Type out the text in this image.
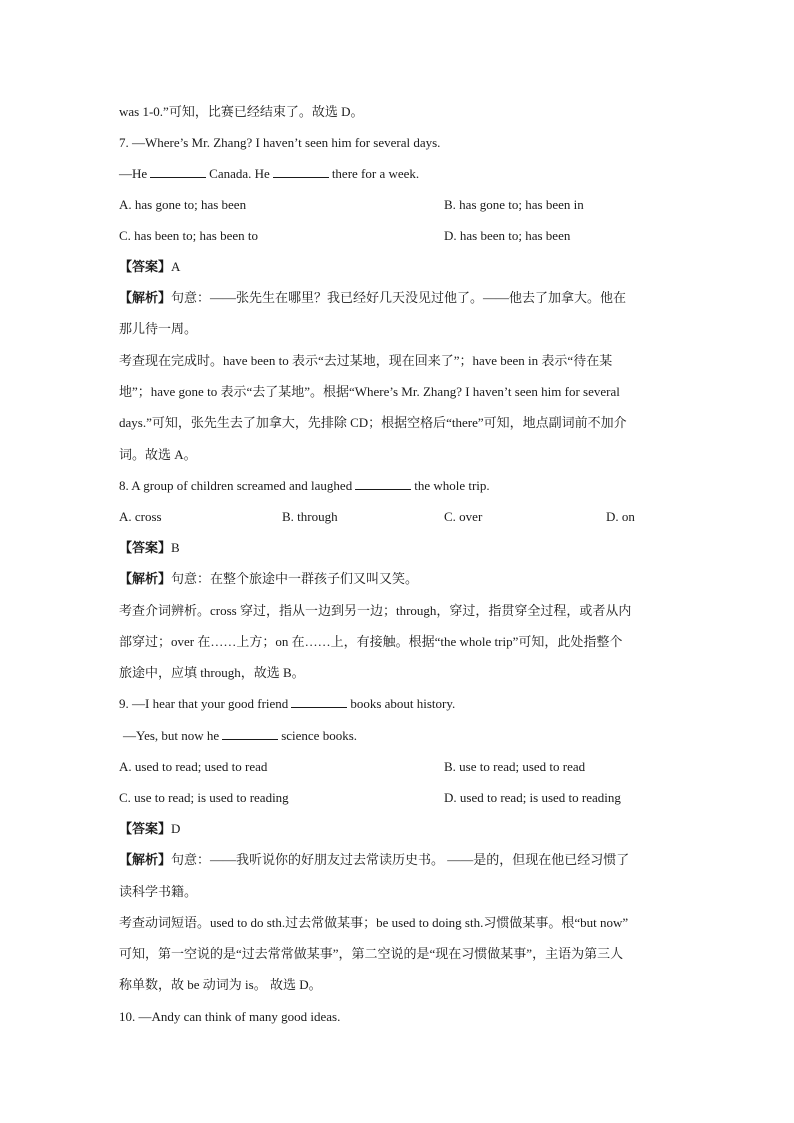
was 1-0.”可知，比赛已经结束了。故选 D。
7. —Where’s Mr. Zhang? I haven’t seen him for several days.
—He	Canada. He	there for a week.
A. has gone to; has been	B. has gone to; has been in
C. has been to; has been to	D. has been to; has been
【答案】A
【解析】句意：——张先生在哪里？我已经好几天没见过他了。——他去了加拿大。他在
那儿待一周。
考查现在完成时。have been to 表示“去过某地，现在回来了”；have been in 表示“待在某
地”；have gone to 表示“去了某地”。根据“Where’s Mr. Zhang? I haven’t seen him for several
days.”可知，张先生去了加拿大，先排除 CD；根据空格后“there”可知，地点副词前不加介
词。故选 A。
8. A group of children screamed and laughed	the whole trip.
A. cross	B. through	C. over	D. on
【答案】B
【解析】句意：在整个旅途中一群孩子们又叫又笑。
考查介词辨析。cross 穿过，指从一边到另一边；through，穿过，指贯穿全过程，或者从内
部穿过；over 在……上方；on 在……上，有接触。根据“the whole trip”可知，此处指整个
旅途中，应填 through，故选 B。
9. —I hear that your good friend	books about history.
—Yes, but now he	science books.
A. used to read; used to read	B. use to read; used to read
C. use to read; is used to reading	D. used to read; is used to reading
【答案】D
【解析】句意：——我听说你的好朋友过去常读历史书。 ——是的，但现在他已经习惯了
读科学书籍。
考查动词短语。used to do sth.过去常做某事；be used to doing sth.习惯做某事。根“but now”
可知，第一空说的是“过去常常做某事”，第二空说的是“现在习惯做某事”，主语为第三人
称单数，故 be 动词为 is。 故选 D。
10. —Andy can think of many good ideas.
